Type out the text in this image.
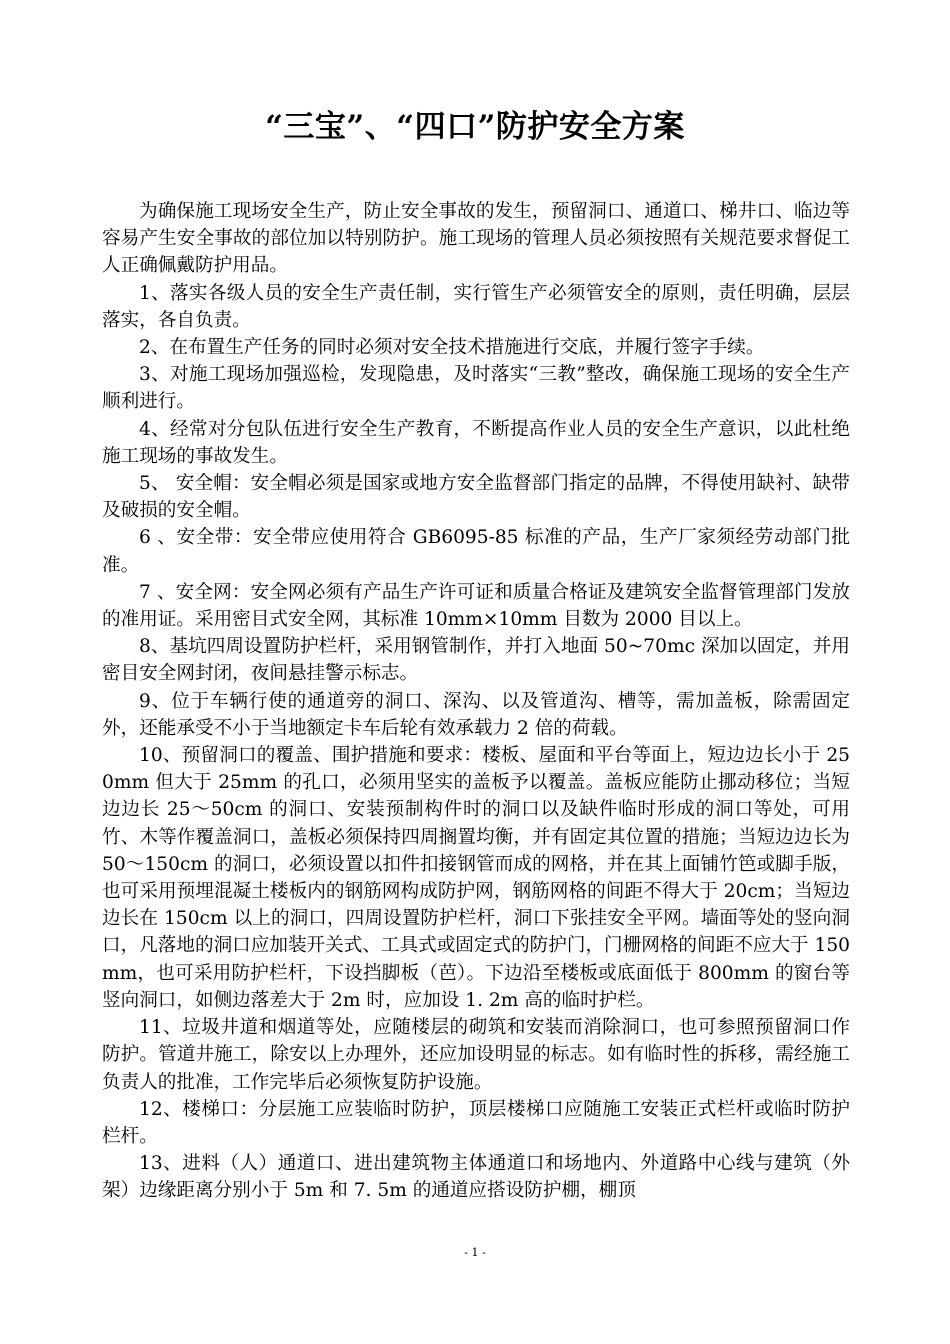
“三宝”、“四口”防护安全方案

为确保施工现场安全生产，防止安全事故的发生，预留洞口、通道口、梯井口、临边等容易产生安全事故的部位加以特别防护。施工现场的管理人员必须按照有关规范要求督促工人正确佩戴防护用品。

1、落实各级人员的安全生产责任制，实行管生产必须管安全的原则，责任明确，层层落实，各自负责。

2、在布置生产任务的同时必须对安全技术措施进行交底，并履行签字手续。

3、对施工现场加强巡检，发现隐患，及时落实“三教”整改，确保施工现场的安全生产顺利进行。

4、经常对分包队伍进行安全生产教育，不断提高作业人员的安全生产意识，以此杜绝施工现场的事故发生。

5、 安全帽：安全帽必须是国家或地方安全监督部门指定的品牌，不得使用缺衬、缺带及破损的安全帽。

6 、安全带：安全带应使用符合 GB6095-85 标准的产品，生产厂家须经劳动部门批准。

7 、安全网：安全网必须有产品生产许可证和质量合格证及建筑安全监督管理部门发放的准用证。采用密目式安全网，其标准 10mm×10mm 目数为 2000 目以上。

8、基坑四周设置防护栏杆，采用钢管制作，并打入地面 50~70mc 深加以固定，并用密目安全网封闭，夜间悬挂警示标志。

9、位于车辆行使的通道旁的洞口、深沟、以及管道沟、槽等，需加盖板，除需固定外，还能承受不小于当地额定卡车后轮有效承载力 2 倍的荷载。

10、预留洞口的覆盖、围护措施和要求：楼板、屋面和平台等面上，短边边长小于 250mm 但大于 25mm 的孔口，必须用坚实的盖板予以覆盖。盖板应能防止挪动移位；当短边边长 25～50cm 的洞口、安装预制构件时的洞口以及缺件临时形成的洞口等处，可用竹、木等作覆盖洞口，盖板必须保持四周搁置均衡，并有固定其位置的措施；当短边边长为 50～150cm 的洞口，必须设置以扣件扣接钢管而成的网格，并在其上面铺竹笆或脚手版，也可采用预埋混凝土楼板内的钢筋网构成防护网，钢筋网格的间距不得大于 20cm；当短边边长在 150cm 以上的洞口，四周设置防护栏杆，洞口下张挂安全平网。墙面等处的竖向洞口，凡落地的洞口应加装开关式、工具式或固定式的防护门，门栅网格的间距不应大于 150mm，也可采用防护栏杆，下设挡脚板（芭）。下边沿至楼板或底面低于 800mm 的窗台等竖向洞口，如侧边落差大于 2m 时，应加设 1. 2m 高的临时护栏。

11、垃圾井道和烟道等处，应随楼层的砌筑和安装而消除洞口，也可参照预留洞口作防护。管道井施工，除安以上办理外，还应加设明显的标志。如有临时性的拆移，需经施工负责人的批准，工作完毕后必须恢复防护设施。

12、楼梯口：分层施工应装临时防护，顶层楼梯口应随施工安装正式栏杆或临时防护栏杆。

13、进料（人）通道口、进出建筑物主体通道口和场地内、外道路中心线与建筑（外架）边缘距离分别小于 5m 和 7. 5m 的通道应搭设防护棚，棚顶

- 1 -
